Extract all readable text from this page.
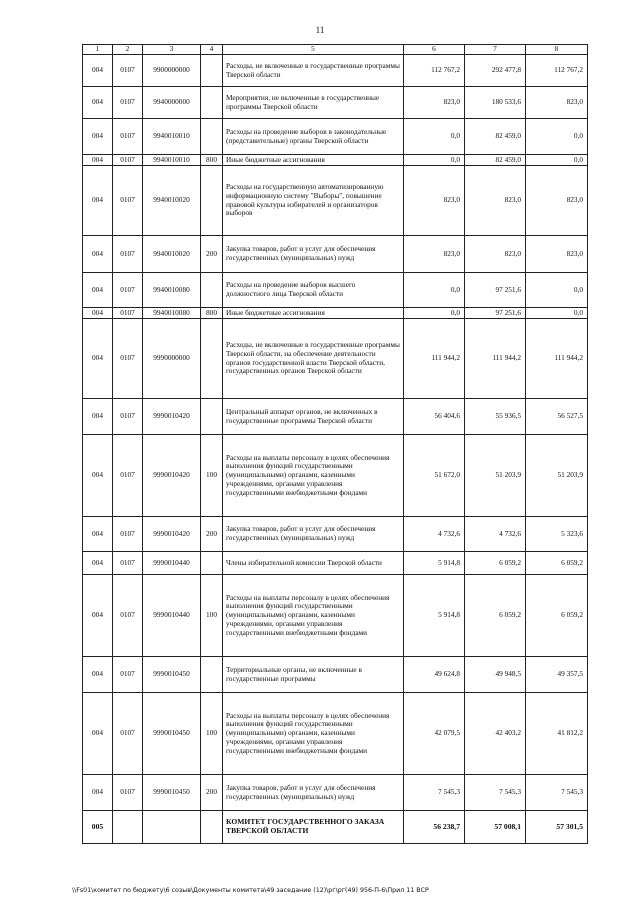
11
1	2	3	4	5	6	7	8
004	0107	9900000000		Расходы, не включенные в государственные программы Тверской области	112 767,2	292 477,8	112 767,2
004	0107	9940000000		Мероприятия, не включенные в государственные программы Тверской области	823,0	180 533,6	823,0
004	0107	9940010010		Расходы на проведение выборов в законодательные (представительные) органы Тверской области	0,0	82 459,0	0,0
004	0107	9940010010	800	Иные бюджетные ассигнования	0,0	82 459,0	0,0
004	0107	9940010020		Расходы на государственную автоматизированную информационную систему "Выборы", повышение правовой культуры избирателей и организаторов выборов	823,0	823,0	823,0
004	0107	9940010020	200	Закупка товаров, работ и услуг для обеспечения государственных (муниципальных) нужд	823,0	823,0	823,0
004	0107	9940010080		Расходы на проведение выборов высшего должностного лица Тверской области	0,0	97 251,6	0,0
004	0107	9940010080	800	Иные бюджетные ассигнования	0,0	97 251,6	0,0
004	0107	9990000000		Расходы, не включенные в государственные программы Тверской области, на обеспечение деятельности органов государственной власти Тверской области, государственных органов Тверской области	111 944,2	111 944,2	111 944,2
004	0107	9990010420		Центральный аппарат органов, не включенных в государственные программы Тверской области	56 404,6	55 936,5	56 527,5
004	0107	9990010420	100	Расходы на выплаты персоналу в целях обеспечения выполнения функций государственными (муниципальными) органами, казенными учреждениями, органами управления государственными внебюджетными фондами	51 672,0	51 203,9	51 203,9
004	0107	9990010420	200	Закупка товаров, работ и услуг для обеспечения государственных (муниципальных) нужд	4 732,6	4 732,6	5 323,6
004	0107	9990010440		Члены избирательной комиссии Тверской области	5 914,8	6 059,2	6 059,2
004	0107	9990010440	100	Расходы на выплаты персоналу в целях обеспечения выполнения функций государственными (муниципальными) органами, казенными учреждениями, органами управления государственными внебюджетными фондами	5 914,8	6 059,2	6 059,2
004	0107	9990010450		Территориальные органы, не включенные в государственные программы	49 624,8	49 948,5	49 357,5
004	0107	9990010450	100	Расходы на выплаты персоналу в целях обеспечения выполнения функций государственными (муниципальными) органами, казенными учреждениями, органами управления государственными внебюджетными фондами	42 079,5	42 403,2	41 812,2
004	0107	9990010450	200	Закупка товаров, работ и услуг для обеспечения государственных (муниципальных) нужд	7 545,3	7 545,3	7 545,3
005				КОМИТЕТ ГОСУДАРСТВЕННОГО ЗАКАЗА ТВЕРСКОЙ ОБЛАСТИ	56 238,7	57 008,1	57 301,5
\\Fs01\комитет по бюджету\6 созыв\Документы комитета\49 заседание (12)\рг\рг(49) 956-П-6\Прил 11 ВСР
